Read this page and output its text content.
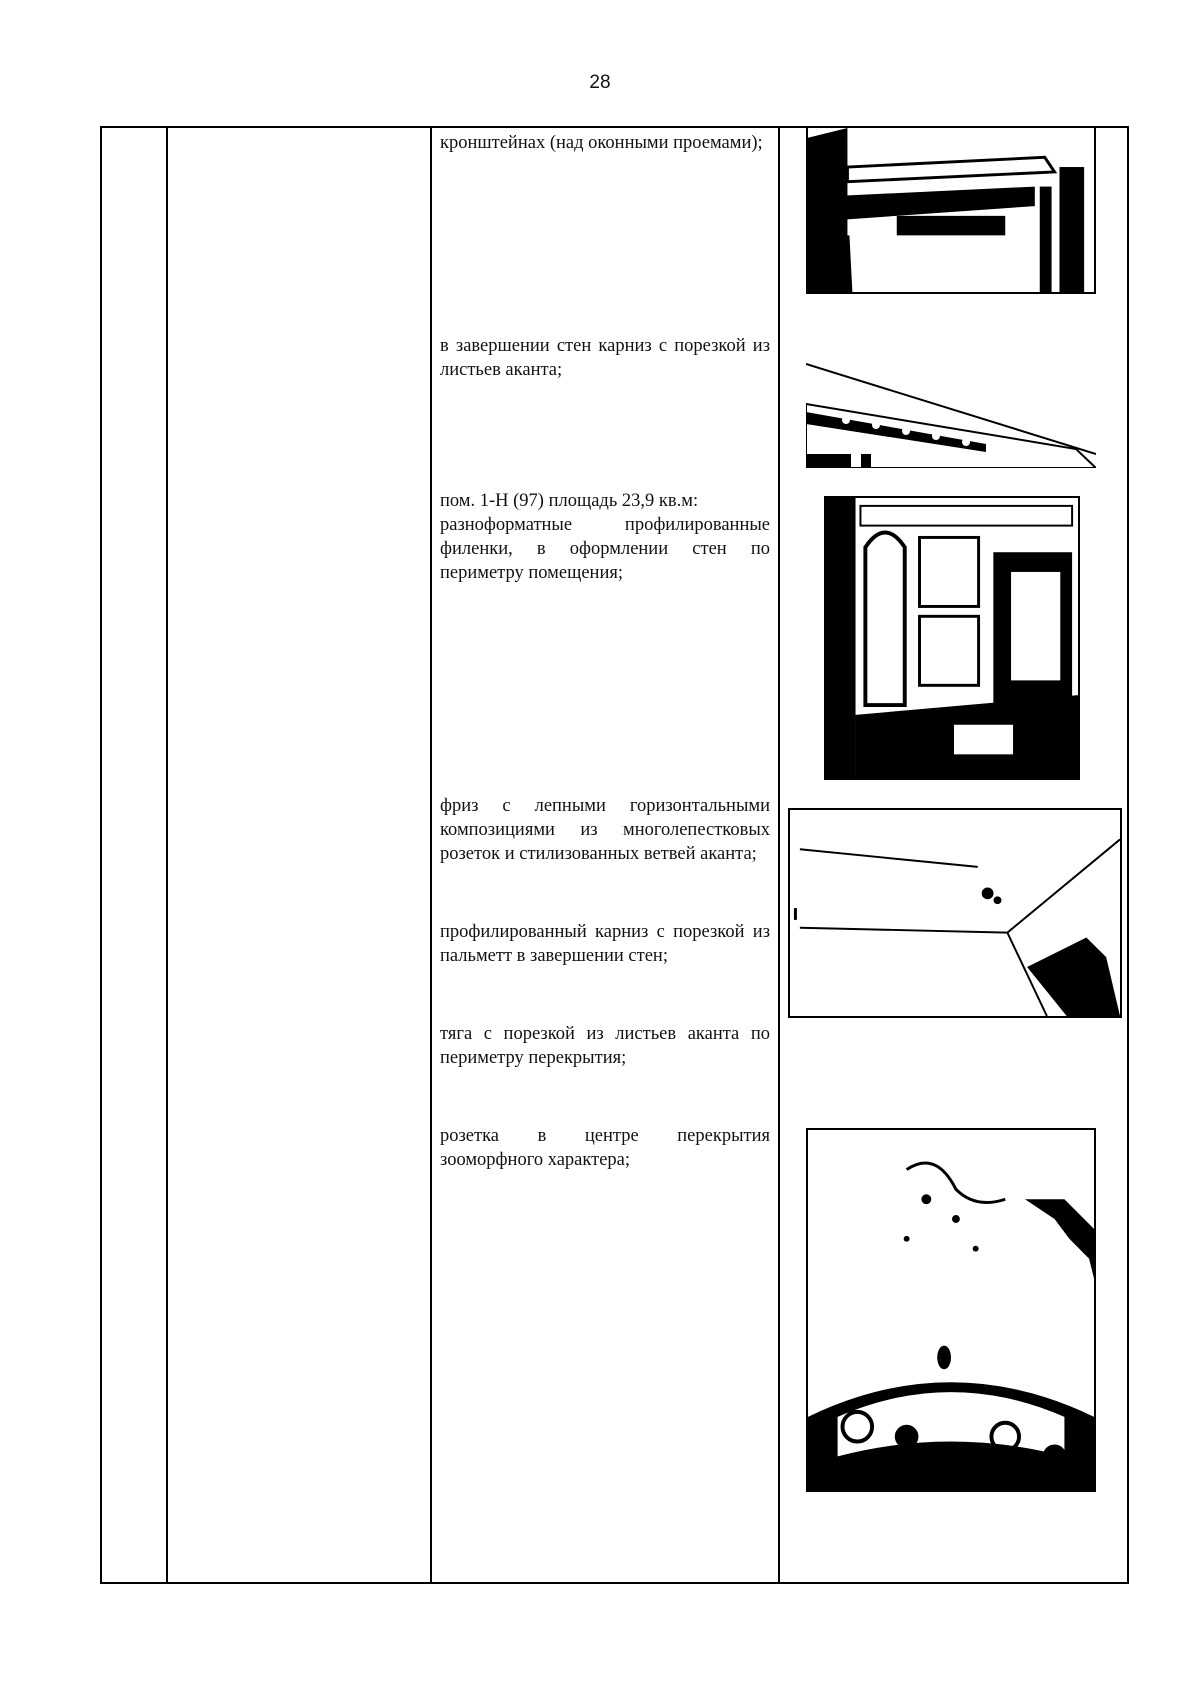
28
кронштейнах (над оконными проемами);
в завершении стен карниз с порезкой из листьев аканта;
пом. 1-Н (97) площадь 23,9 кв.м:
разноформатные профилированные филенки, в оформлении стен по периметру помещения;
фриз с лепными горизонтальными композициями из многолепестковых розеток и стилизованных ветвей аканта;
профилированный карниз с порезкой из пальметт в завершении стен;
тяга с порезкой из листьев аканта по периметру перекрытия;
розетка в центре перекрытия зооморфного характера;
